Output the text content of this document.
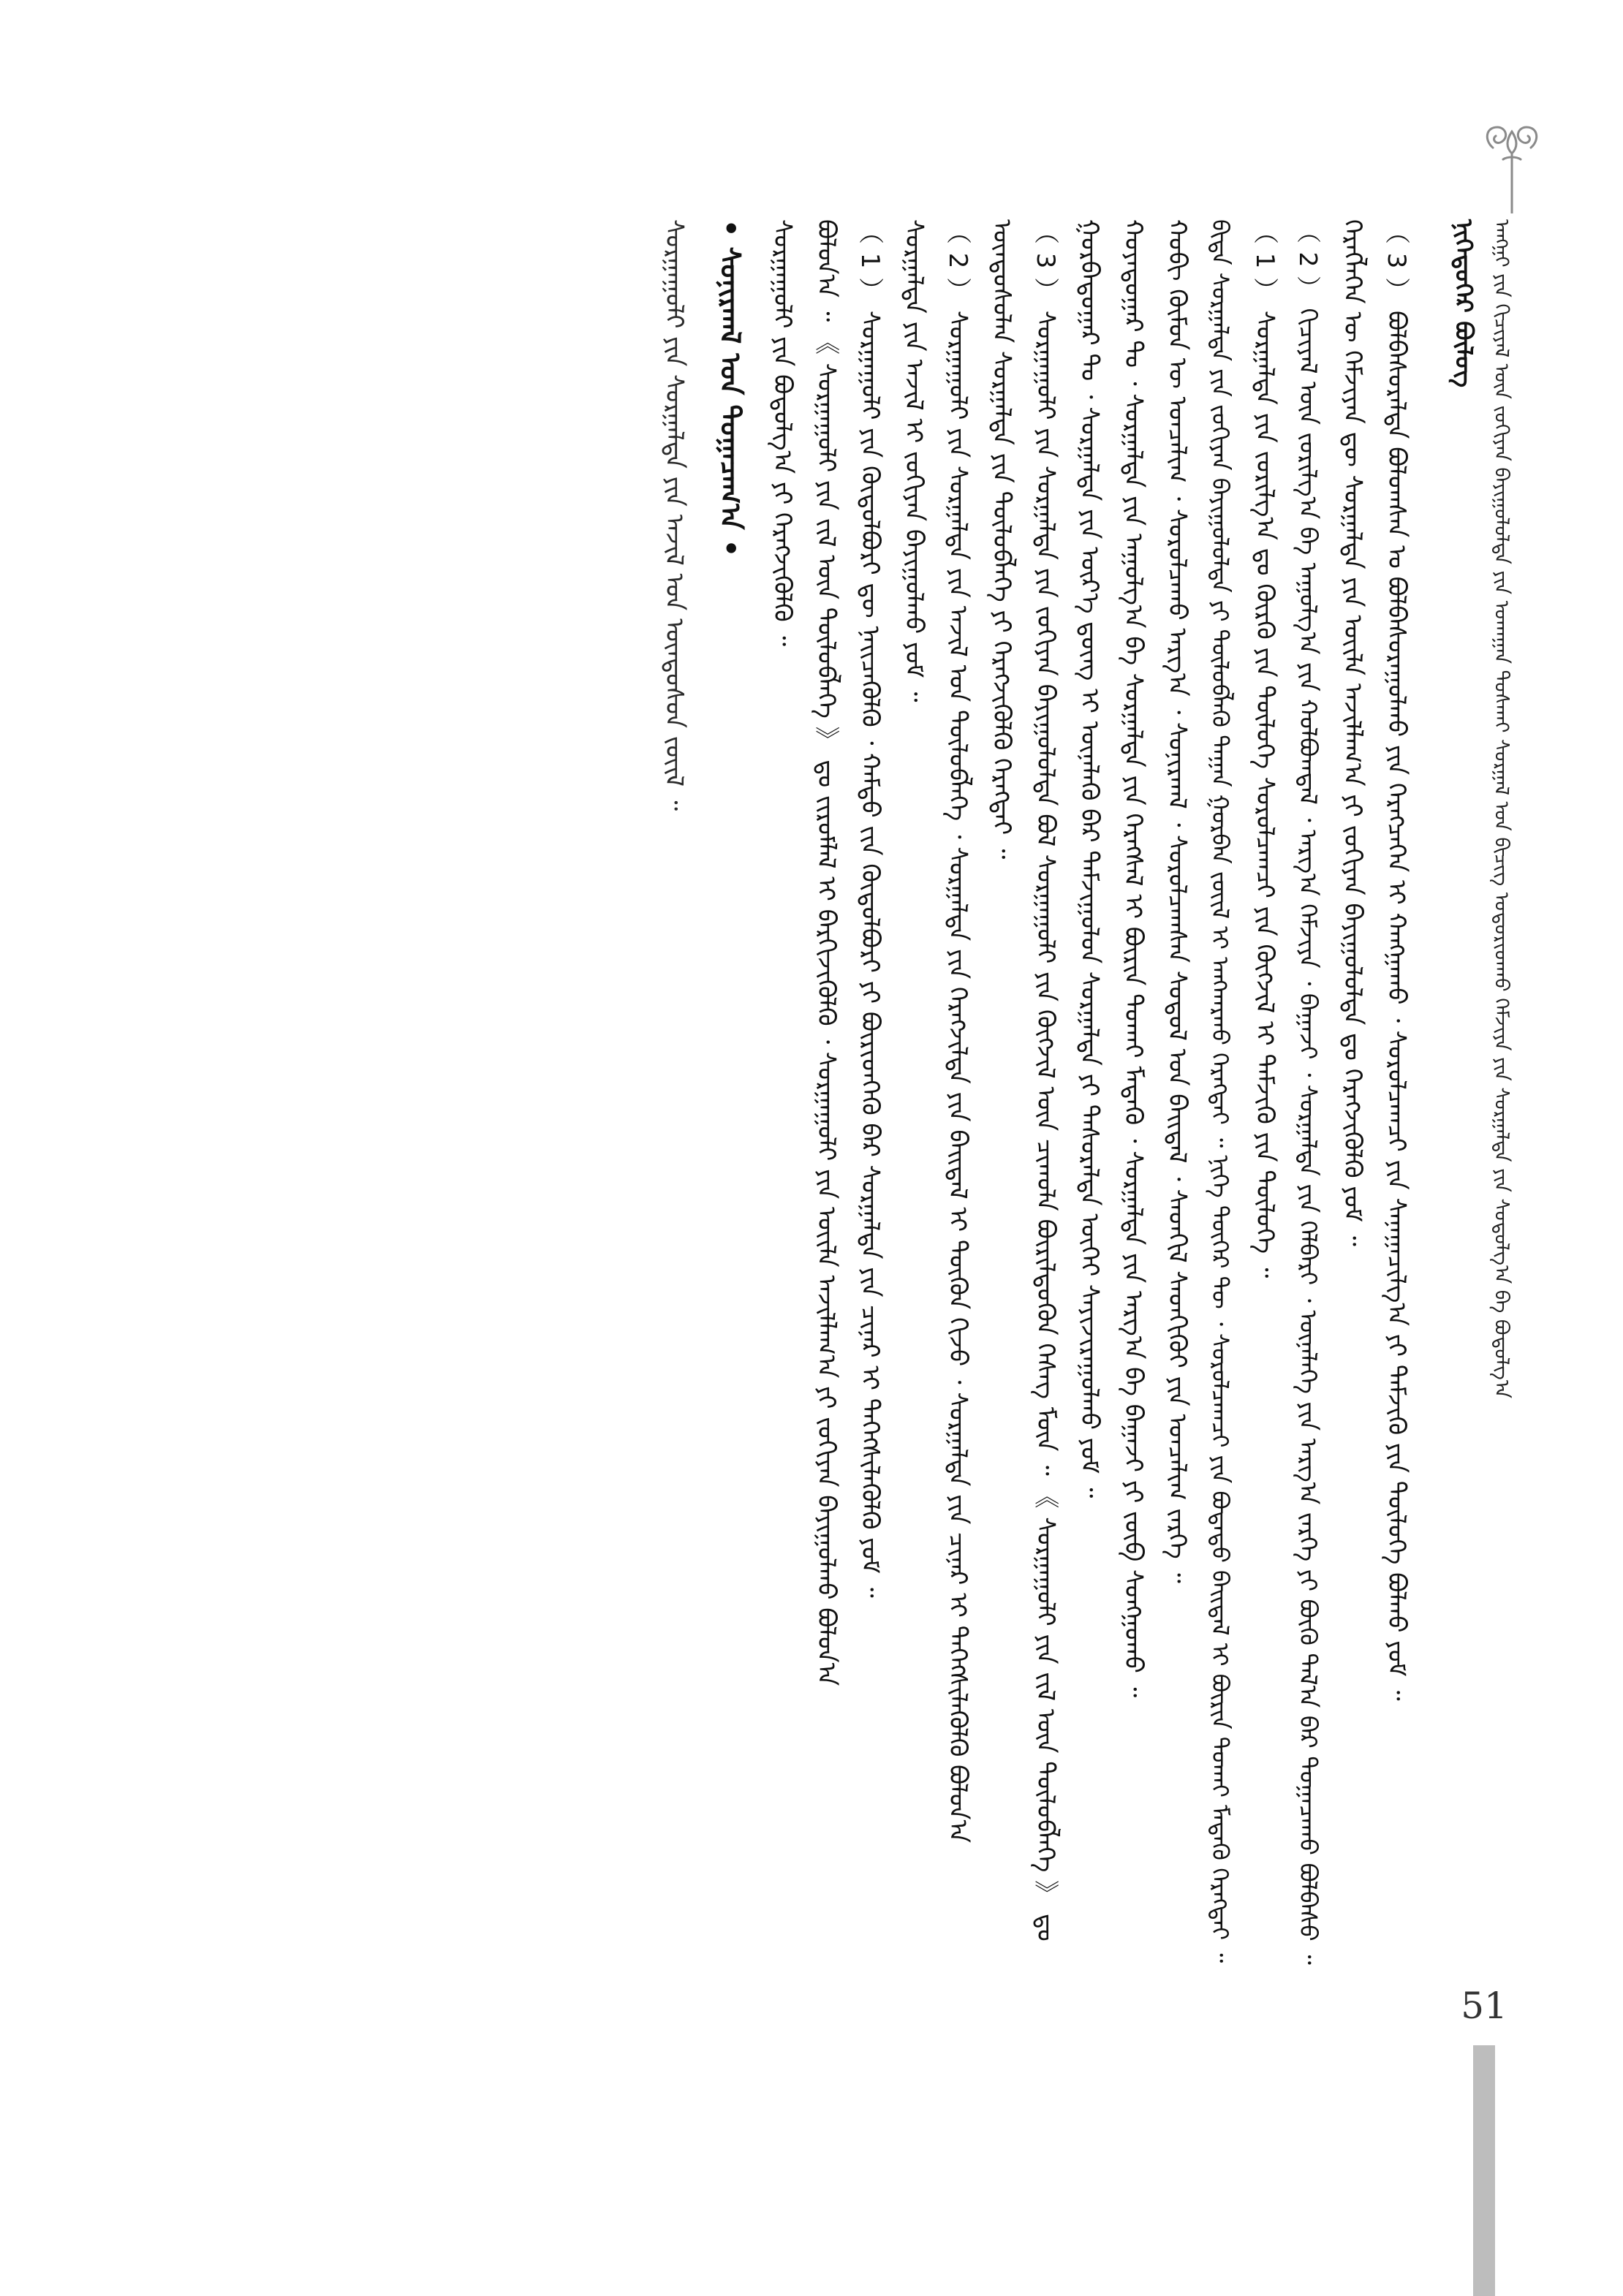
ᠠᠩᠭ᠋ᠢ ᠶᠢᠨ ᠬᠢᠴᠢᠶᠡᠯ ᠦᠨ ᠵᠣᠬᠢᠶᠠᠨ ᠪᠠᠶᠢᠭᠤᠯᠤᠯᠲᠠ ᠶᠢᠨ ᠤᠬᠠᠭᠠᠨ ᠲᠤᠰᠬᠠᠶ ᠰᠤᠷᠭᠠᠯ ᠤᠨ ᠪᠢᠴᠢᠭ ᠤᠳᠤᠷᠢᠳᠬᠤ ᠬᠡᠮᠵᠢᠶᠡ ᠶᠢᠨ ᠰᠤᠷᠭᠠᠯᠲᠠ ᠶᠢᠨ ᠰᠤᠳᠤᠯᠭ᠎ᠠ ᠪᠠ ᠪᠣᠳᠤᠯᠭ᠎ᠠ
ᠨᠢᠭᠡᠳᠦᠭᠡᠷ ᠪᠦᠯᠦᠭ
（ 3 ） ᠪᠣᠯᠪᠠᠰᠤᠷᠠᠯᠲᠠ ᠪᠣᠯᠤᠭᠰᠠᠨ ᠤ ᠪᠣᠯᠪᠠᠰᠤᠷᠠᠭᠤᠯᠬᠤ ᠶᠢᠨ ᠬᠡᠷᠡᠭᠴᠡᠭᠡᠨ ᠢ ᠬᠠᠩᠭᠠᠬᠤ ᠂ ᠰᠤᠷᠤᠯᠴᠠᠭᠴᠢ ᠶᠢᠨ ᠰᠠᠨᠠᠭᠠᠴᠢᠯᠭ᠎ᠠ ᠶᠢ ᠳᠡᠮᠵᠢᠬᠦ ᠶᠢᠨ ᠲᠥᠯᠦᠭᠡ ᠪᠣᠯᠬᠤ ᠶᠤᠮ ᠃
ᠬᠡᠷᠡᠭᠯᠡᠭᠡᠨ ᠦ ᠬᠡᠮᠵᠢᠶᠡᠨ ᠳᠦ ᠰᠤᠷᠭᠠᠯᠲᠠ ᠶᠢᠨ ᠦᠢᠯᠡ ᠠᠵᠢᠯᠯᠠᠭ᠎ᠠ ᠶᠢ ᠵᠣᠬᠢᠶᠠᠨ ᠪᠠᠶᠢᠭᠤᠯᠤᠯᠲᠠ ᠳᠤ ᠬᠡᠷᠡᠭᠵᠢᠭᠦᠯᠬᠦ ᠶᠤᠮ ᠃
（ 2 ） ᠬᠢᠴᠢᠶᠡᠯ ᠦᠨ ᠵᠣᠷᠢᠯᠭ᠎ᠠ ᠪᠠ ᠠᠭᠤᠯᠭ᠎ᠠ ᠶᠢᠨ ᠬᠣᠯᠪᠣᠭᠳᠠᠯ ᠂ ᠠᠷᠭ᠎ᠠ ᠬᠡᠮᠵᠢᠶᠡ ᠂ ᠪᠠᠭᠠᠵᠢ ᠂ ᠰᠤᠷᠭᠠᠯᠲᠠ ᠶᠢᠨ ᠬᠡᠯᠪᠡᠷᠢ ᠂ ᠦᠨᠡᠯᠡᠭᠡ ᠶᠢᠨ ᠠᠷᠭ᠎ᠠ ᠵᠡᠷᠭᠡ ᠶᠢ ᠪᠦᠬᠦ ᠳᠠᠯ᠎ᠠ ᠪᠡᠷ ᠲᠣᠭᠠᠴᠠᠬᠤ ᠪᠣᠯᠪᠠᠰᠤ ᠃
（ 1 ） ᠰᠤᠷᠭᠠᠯᠲᠠ ᠶᠢᠨ ᠵᠣᠷᠢᠯᠭ᠎ᠠ ᠳᠤ ᠬᠦᠷᠬᠦ ᠶᠢᠨ ᠲᠥᠯᠦᠭᠡ ᠰᠤᠷᠤᠯᠴᠠᠭᠴᠢ ᠶᠢᠨ ᠬᠥᠭᠵᠢᠯ ᠢ ᠳᠡᠮᠵᠢᠬᠦ ᠶᠢᠨ ᠲᠥᠯᠦᠭᠡ ᠃
ᠪᠢᠳᠡ ᠰᠤᠷᠭᠠᠯᠲᠠ ᠶᠢᠨ ᠵᠣᠬᠢᠶᠠᠨ ᠪᠠᠶᠢᠭᠤᠯᠤᠯᠲᠠ ᠶᠢ ᠲᠥᠯᠥᠪᠯᠡᠬᠦ ᠳᠠᠭᠠᠨ ᠭᠤᠷᠪᠠᠨ ᠵᠦᠢᠯ ᠢ ᠠᠩᠬᠠᠷᠬᠤ ᠬᠡᠷᠡᠭᠲᠡᠢ ᠃ ᠨᠢᠭᠡ ᠳᠦᠭᠡᠷ ᠲᠦ ᠂ ᠰᠤᠷᠤᠯᠴᠠᠭᠴᠢ ᠶᠢᠨ ᠪᠣᠳᠠᠲᠤ ᠪᠠᠢᠳᠠᠯ ᠢ ᠪᠦᠷᠢᠨ ᠲᠤᠬᠠᠢ ᠮᠡᠳᠡᠬᠦ ᠬᠡᠷᠡᠭᠲᠡᠢ ᠃
ᠬᠤᠪᠢ ᠬᠦᠮᠦᠨ ᠦ ᠣᠨᠴᠠᠯᠢᠭ ᠂ ᠰᠤᠷᠤᠯᠴᠠᠬᠤ ᠠᠷᠭ᠎ᠠ ᠂ ᠰᠤᠨᠢᠷᠬᠠᠯ ᠂ ᠰᠤᠷᠤᠯᠴᠠᠭᠰᠠᠨ ᠰᠤᠳᠤᠯ ᠤᠨ ᠪᠠᠢᠳᠠᠯ ᠂ ᠰᠡᠳᠬᠢᠯ ᠰᠡᠳᠬᠢᠬᠦᠢ ᠶᠢᠨ ᠣᠨᠴᠠᠯᠢᠭ ᠵᠡᠷᠭᠡ ᠃
ᠬᠣᠶᠠᠳᠤᠭᠠᠷ ᠲᠤ ᠂ ᠰᠤᠷᠭᠠᠯᠲᠠ ᠶᠢᠨ ᠠᠭᠤᠯᠭ᠎ᠠ ᠪᠠ ᠰᠤᠷᠭᠠᠯᠲᠠ ᠶᠢᠨ ᠬᠡᠷᠡᠭᠰᠡᠯ ᠢ ᠪᠦᠷᠢᠨ ᠲᠤᠬᠠᠢ ᠮᠡᠳᠡᠬᠦ ᠂ ᠰᠤᠷᠭᠠᠯᠲᠠ ᠶᠢᠨ ᠠᠷᠭ᠎ᠠ ᠪᠠ ᠪᠠᠭᠠᠵᠢ ᠶᠢ ᠵᠦᠪ ᠰᠣᠩᠭᠣᠬᠤ ᠃
ᠭᠤᠷᠪᠠᠳᠤᠭᠠᠷ ᠲᠤ ᠂ ᠰᠤᠷᠭᠠᠯᠲᠠ ᠶᠢᠨ ᠦᠷ᠎ᠡ ᠳ᠋ᠦᠩ ᠢ ᠦᠨᠡᠯᠡᠬᠦ ᠪᠠᠷ ᠳᠠᠮᠵᠢᠭᠤᠯᠤᠨ ᠰᠤᠷᠭᠠᠯᠲᠠ ᠶᠢ ᠲᠠᠰᠤᠷᠠᠯᠲᠠ ᠦᠭᠡᠢ ᠰᠠᠶᠢᠵᠢᠷᠠᠭᠤᠯᠬᠤ ᠶᠤᠮ ᠃
（ 3 ） ᠰᠤᠷᠭᠠᠭᠤᠯᠢ ᠶᠢᠨ ᠰᠤᠷᠭᠠᠯᠲᠠ ᠶᠢᠨ ᠵᠣᠬᠢᠶᠠᠨ ᠪᠠᠶᠢᠭᠤᠯᠤᠯᠲᠠ ᠪᠣᠯ ᠰᠤᠷᠭᠠᠭᠤᠯᠢ ᠶᠢᠨ ᠬᠥᠭᠵᠢᠯ ᠦᠨ ᠴᠢᠬᠤᠯᠠ ᠪᠦᠷᠢᠯᠳᠦᠬᠦᠨ ᠬᠡᠰᠡᠭ ᠮᠥᠨ ᠃ 《 ᠰᠤᠷᠭᠠᠭᠤᠯᠢ ᠶᠢᠨ ᠵᠢᠯ ᠦᠨ ᠲᠥᠯᠥᠪᠯᠡᠭᠡ 》 ᠳᠤ
ᠦᠨᠳᠦᠰᠦᠯᠡᠨ ᠰᠤᠷᠭᠠᠯᠲᠠ ᠶᠢᠨ ᠲᠥᠯᠥᠪᠯᠡᠭᠡ ᠶᠢ ᠬᠡᠷᠡᠭᠵᠢᠭᠦᠯᠬᠦ ᠬᠡᠷᠡᠭᠲᠡᠢ ᠃
（ 2 ） ᠰᠤᠷᠭᠠᠭᠤᠯᠢ ᠶᠢᠨ ᠰᠤᠷᠭᠠᠯᠲᠠ ᠶᠢᠨ ᠠᠵᠢᠯ ᠤᠨ ᠲᠥᠯᠥᠪᠯᠡᠭᠡ ᠂ ᠰᠤᠷᠭᠠᠯᠲᠠ ᠶᠢᠨ ᠬᠡᠷᠡᠭᠵᠢᠯᠲᠡ ᠶᠢᠨ ᠪᠠᠢᠳᠠᠯ ᠢ ᠳᠦᠭᠦᠨ ᠬᠢᠵᠦ ᠂ ᠰᠤᠷᠭᠠᠯᠲᠠ ᠶᠢᠨ ᠴᠢᠨᠠᠷ ᠢ ᠳᠡᠭᠡᠭᠰᠢᠯᠡᠭᠦᠯᠬᠦ ᠪᠣᠯᠤᠨ᠎ᠠ
ᠰᠤᠷᠭᠠᠯᠲᠠ ᠶᠢᠨ ᠠᠵᠢᠯ ᠢ ᠵᠣᠬᠢᠶᠠᠨ ᠪᠠᠶᠢᠭᠤᠯᠬᠤ ᠶᠤᠮ ᠃
（ 1 ） ᠰᠤᠷᠭᠠᠭᠤᠯᠢ ᠶᠢᠨ ᠬᠥᠲᠥᠯᠪᠦᠷᠢ ᠳᠦ ᠨᠡᠢᠴᠡᠭᠦᠯᠬᠦ ᠂ ᠬᠠᠮᠲᠤ ᠵᠢᠨ ᠬᠥᠲᠥᠯᠪᠦᠷᠢ ᠶᠢ ᠪᠦᠷᠢᠳᠬᠡᠬᠦ ᠪᠡᠷ ᠰᠤᠷᠭᠠᠯᠲᠠ ᠶᠢᠨ ᠴᠢᠨᠠᠷ ᠢ ᠳᠡᠭᠡᠭᠰᠢᠯᠡᠭᠦᠯᠬᠦ ᠶᠤᠮ ᠃
ᠪᠣᠯᠤᠨ᠎ᠠ ᠃ 《 ᠰᠤᠷᠭᠠᠭᠤᠯᠢ ᠶᠢᠨ ᠵᠢᠯ ᠦᠨ ᠲᠥᠯᠥᠪᠯᠡᠭᠡ 》 ᠳᠤ ᠵᠢᠷᠤᠮᠯᠠᠯ ᠢ ᠪᠡᠷᠬᠢᠵᠢᠭᠦᠯᠬᠦ ᠂ ᠰᠤᠷᠭᠠᠭᠤᠯᠢ ᠶᠢᠨ ᠦᠢᠯᠡ ᠠᠵᠢᠯᠯᠠᠭ᠎ᠠ ᠶᠢ ᠵᠣᠬᠢᠶᠠᠨ ᠪᠠᠶᠢᠭᠤᠯᠬᠤ ᠪᠣᠯᠤᠨ᠎ᠠ
ᠰᠤᠷᠭᠠᠭᠤᠯᠢ ᠶᠢᠨ ᠪᠣᠳᠣᠯᠭ᠎ᠠ ᠶᠢ ᠬᠡᠷᠡᠭᠵᠢᠭᠦᠯᠬᠦ ᠃
• ᠰᠣᠨᠢᠷᠬᠠᠯ ᠤᠨ ᠲᠣᠭᠠᠴᠠᠭ᠎ᠠ •
ᠰᠤᠷᠭᠠᠭᠤᠯᠢ ᠶᠢᠨ ᠰᠤᠷᠭᠠᠯᠲᠠ ᠶᠢᠨ ᠠᠵᠢᠯ ᠤᠨ ᠦᠨᠳᠦᠰᠦᠨ ᠵᠦᠢᠯ ᠃
51
